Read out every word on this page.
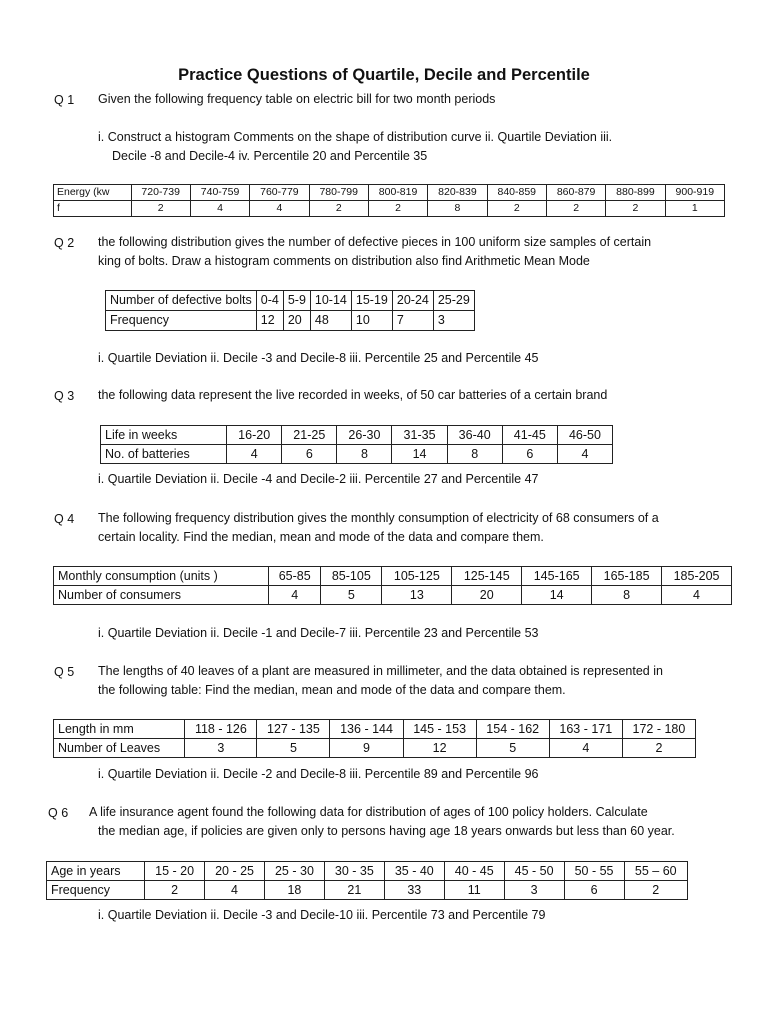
Practice Questions of Quartile, Decile and Percentile
Q 1 Given the following frequency table on electric bill for two month periods
i. Construct a histogram Comments on the shape of distribution curve ii. Quartile Deviation iii.
Decile -8 and Decile-4 iv. Percentile 20 and Percentile 35
Energy (kw	720-739	740-759	760-779	780-799	800-819	820-839	840-859	860-879	880-899	900-919
f	2	4	4	2	2	8	2	2	2	1
Q 2 the following distribution gives the number of defective pieces in 100 uniform size samples of certain
king of bolts. Draw a histogram comments on distribution also find Arithmetic Mean Mode
Number of defective bolts	0-4	5-9	10-14	15-19	20-24	25-29
Frequency	12	20	48	10	7	3
i. Quartile Deviation ii. Decile -3 and Decile-8 iii. Percentile 25 and Percentile 45
Q 3 the following data represent the live recorded in weeks, of 50 car batteries of a certain brand
Life in weeks	16-20	21-25	26-30	31-35	36-40	41-45	46-50
No. of batteries	4	6	8	14	8	6	4
i. Quartile Deviation ii. Decile -4 and Decile-2 iii. Percentile 27 and Percentile 47
Q 4 The following frequency distribution gives the monthly consumption of electricity of 68 consumers of a
certain locality. Find the median, mean and mode of the data and compare them.
Monthly consumption (units )	65-85	85-105	105-125	125-145	145-165	165-185	185-205
Number of consumers	4	5	13	20	14	8	4
i. Quartile Deviation ii. Decile -1 and Decile-7 iii. Percentile 23 and Percentile 53
Q 5 The lengths of 40 leaves of a plant are measured in millimeter, and the data obtained is represented in
the following table: Find the median, mean and mode of the data and compare them.
Length in mm	118 - 126	127 - 135	136 - 144	145 - 153	154 - 162	163 - 171	172 - 180
Number of Leaves	3	5	9	12	5	4	2
i. Quartile Deviation ii. Decile -2 and Decile-8 iii. Percentile 89 and Percentile 96
Q 6 A life insurance agent found the following data for distribution of ages of 100 policy holders. Calculate
the median age, if policies are given only to persons having age 18 years onwards but less than 60 year.
Age in years	15 - 20	20 - 25	25 - 30	30 - 35	35 - 40	40 - 45	45 - 50	50 - 55	55 – 60
Frequency	2	4	18	21	33	11	3	6	2
i. Quartile Deviation ii. Decile -3 and Decile-10 iii. Percentile 73 and Percentile 79
